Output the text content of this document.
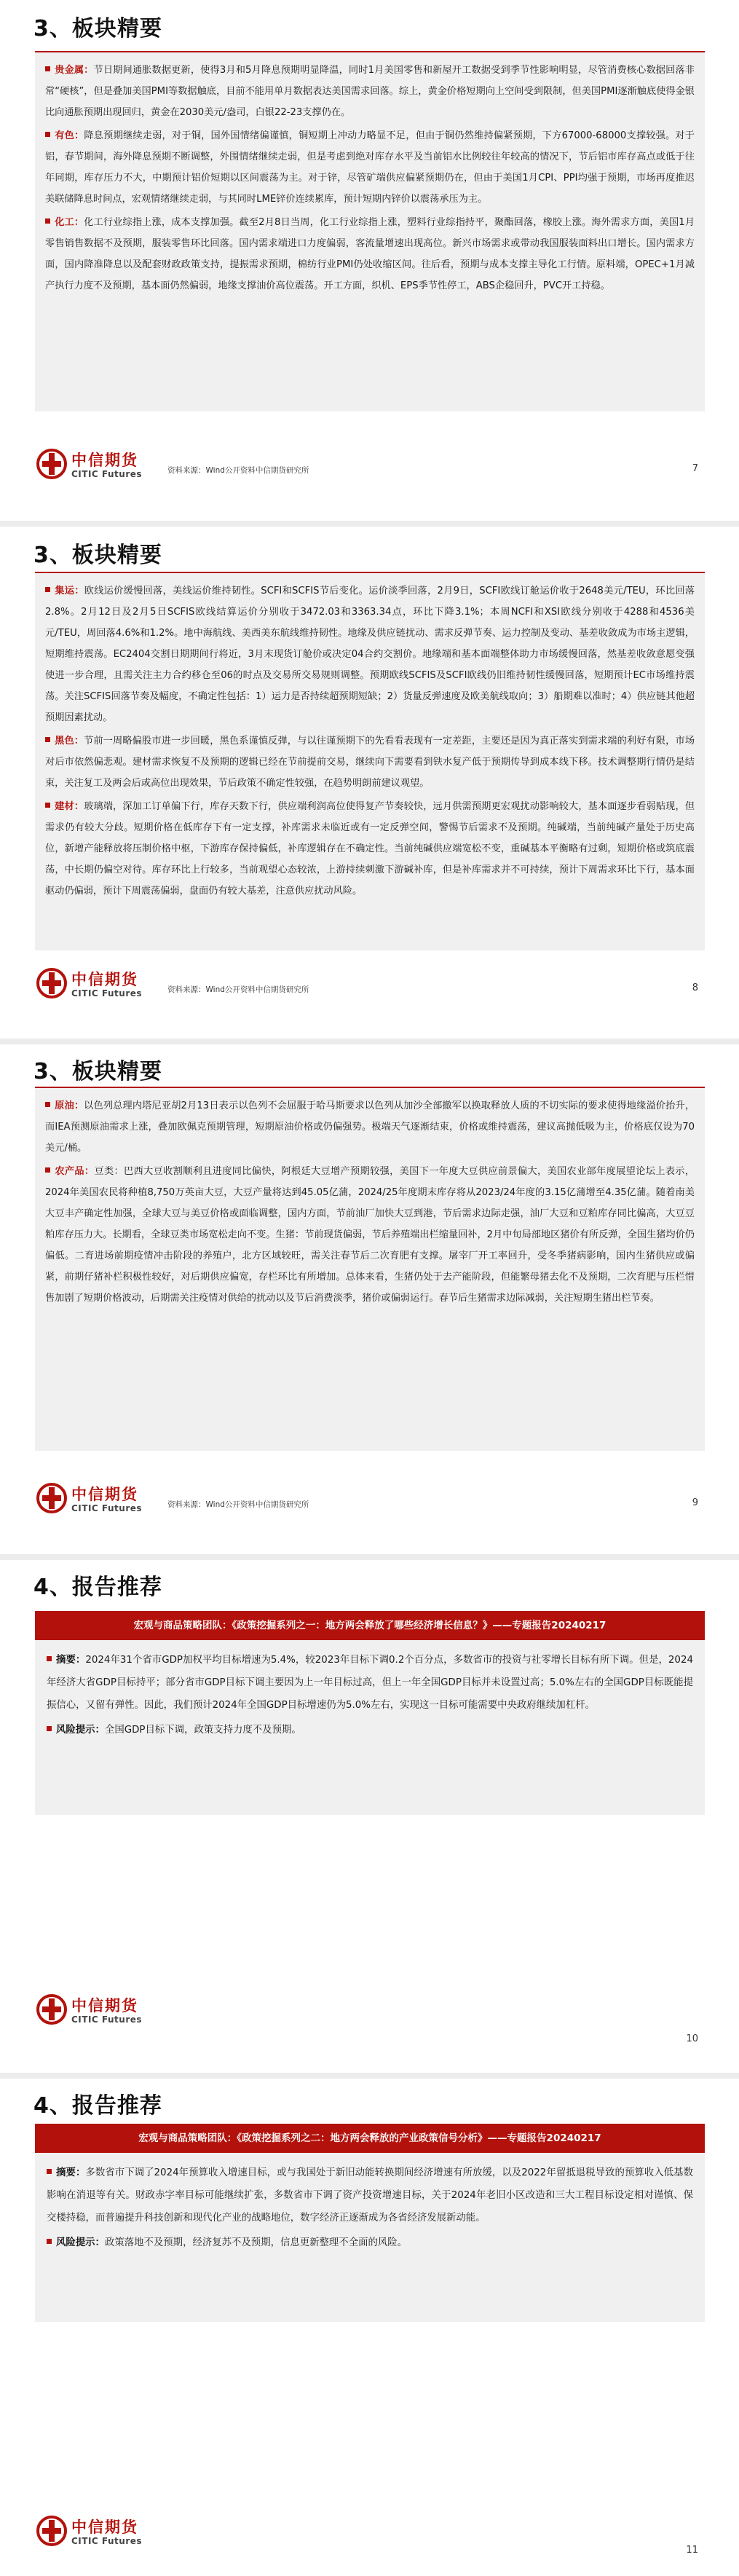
3、板块精要

贵金属：节日期间通胀数据更新，使得3月和5月降息预期明显降温，同时1月美国零售和新屋开工数据受到季节性影响明显，尽管消费核心数据回落非常“硬核”，但是叠加美国PMI等数据触底，目前不能用单月数据表达美国需求回落。综上，黄金价格短期向上空间受到限制，但美国PMI逐渐触底使得金银比向通胀预期出现回归，黄金在2030美元/盎司，白银22-23支撑仍在。

有色：降息预期继续走弱，对于铜，国外国情绪偏谨慎，铜短期上冲动力略显不足，但由于铜仍然维持偏紧预期，下方67000-68000支撑较强。对于铝，春节期间，海外降息预期不断调整，外围情绪继续走弱，但是考虑到绝对库存水平及当前铝水比例较往年较高的情况下，节后铝市库存高点或低于往年同期，库存压力不大，中期预计铝价短期以区间震荡为主。对于锌，尽管矿端供应偏紧预期仍在，但由于美国1月CPI、PPI均强于预期，市场再度推迟美联储降息时间点，宏观情绪继续走弱，与其同时LME锌价连续累库，预计短期内锌价以震荡承压为主。

化工：化工行业综指上涨，成本支撑加强。截至2月8日当周，化工行业综指上涨，塑料行业综指持平，聚酯回落，橡胶上涨。海外需求方面，美国1月零售销售数据不及预期，服装零售环比回落。国内需求端进口力度偏弱，客流量增速出现高位。新兴市场需求或带动我国服装面料出口增长。国内需求方面，国内降准降息以及配套财政政策支持，提振需求预期，棉纺行业PMI仍处收缩区间。往后看，预期与成本支撑主导化工行情。原料端，OPEC+1月减产执行力度不及预期，基本面仍然偏弱，地缘支撑油价高位震荡。开工方面，织机、EPS季节性停工，ABS企稳回升，PVC开工持稳。

中信期货
CITIC Futures	资料来源：Wind公开资料中信期货研究所	7
3、板块精要

集运：欧线运价缓慢回落，美线运价维持韧性。SCFI和SCFIS节后变化。运价淡季回落，2月9日，SCFI欧线订舱运价收于2648美元/TEU，环比回落2.8%。2月12日及2月5日SCFIS欧线结算运价分别收于3472.03和3363.34点，环比下降3.1%；本周NCFI和XSI欧线分别收于4288和4536美元/TEU，周回落4.6%和1.2%。地中海航线、美西美东航线维持韧性。地缘及供应链扰动、需求反弹节奏、运力控制及变动、基差收敛成为市场主逻辑，短期维持震荡。EC2404交割日期期间行将近，3月末现货订舱价或决定04合约交割价。地缘端和基本面端整体助力市场缓慢回落，然基差收敛意愿变强使进一步合理，且需关注主力合约移仓至06的时点及交易所交易规则调整。预期欧线SCFIS及SCFI欧线仍旧维持韧性缓慢回落，短期预计EC市场维持震荡。关注SCFIS回落节奏及幅度，不确定性包括：1）运力是否持续超预期短缺；2）货量反弹速度及欧美航线取向；3）船期难以准时；4）供应链其他超预期因素扰动。

黑色：节前一周略偏股市进一步回暖，黑色系谨慎反弹，与以往谨预期下的先看看表现有一定差距，主要还是因为真正落实到需求端的利好有限，市场对后市依然偏悲观。建材需求恢复不及预期的逻辑已经在节前提前交易，继续向下需要看到铁水复产低于预期传导到成本线下移。技术调整期行情仍是结束，关注复工及两会后或高位出现效果，节后政策不确定性较强，在趋势明朗前建议观望。

建材：玻璃端，深加工订单偏下行，库存天数下行，供应端利润高位使得复产节奏较快，远月供需预期更宏观扰动影响较大，基本面逐步看弱贴现，但需求仍有较大分歧。短期价格在低库存下有一定支撑，补库需求未临近或有一定反弹空间，警惕节后需求不及预期。纯碱端，当前纯碱产量处于历史高位，新增产能释放将压制价格中枢，下游库存保持偏低，补库逻辑存在不确定性。当前纯碱供应端宽松不变，重碱基本平衡略有过剩，短期价格或筑底震荡，中长期仍偏空对待。库存环比上行较多，当前观望心态较浓，上游持续刺激下游碱补库，但是补库需求并不可持续，预计下周需求环比下行，基本面驱动仍偏弱，预计下周震荡偏弱，盘面仍有较大基差，注意供应扰动风险。

中信期货
CITIC Futures	资料来源：Wind公开资料中信期货研究所	8
3、板块精要

原油：以色列总理内塔尼亚胡2月13日表示以色列不会屈服于哈马斯要求以色列从加沙全部撤军以换取释放人质的不切实际的要求使得地缘溢价抬升，而IEA预测原油需求上涨，叠加欧佩克预期管理，短期原油价格或仍偏强势。极端天气逐渐结束，价格或维持震荡，建议高抛低吸为主，价格底仅设为70美元/桶。

农产品：豆类：巴西大豆收割顺利且进度同比偏快，阿根廷大豆增产预期较强，美国下一年度大豆供应前景偏大，美国农业部年度展望论坛上表示，2024年美国农民将种植8,750万英亩大豆，大豆产量将达到45.05亿蒲，2024/25年度期末库存将从2023/24年度的3.15亿蒲增至4.35亿蒲。随着南美大豆丰产确定性加强，全球大豆与美豆价格或面临调整，国内方面，节前油厂加快大豆到港，节后需求边际走强，油厂大豆和豆粕库存同比偏高，大豆豆粕库存压力大。长期看，全球豆类市场宽松走向不变。生猪：节前现货偏弱，节后养殖端出栏缩量回补，2月中旬局部地区猪价有所反弹，全国生猪均价仍偏低。二育进场前期疫情冲击阶段的养殖户，北方区域较旺，需关注春节后二次育肥有支撑。屠宰厂开工率回升，受冬季猪病影响，国内生猪供应或偏紧，前期仔猪补栏积极性较好，对后期供应偏宽，存栏环比有所增加。总体来看，生猪仍处于去产能阶段，但能繁母猪去化不及预期，二次育肥与压栏惜售加剧了短期价格波动，后期需关注疫情对供给的扰动以及节后消费淡季，猪价或偏弱运行。春节后生猪需求边际减弱，关注短期生猪出栏节奏。

中信期货
CITIC Futures	资料来源：Wind公开资料中信期货研究所	9
4、报告推荐
宏观与商品策略团队：《政策挖掘系列之一：地方两会释放了哪些经济增长信息？》——专题报告20240217

摘要：2024年31个省市GDP加权平均目标增速为5.4%，较2023年目标下调0.2个百分点，多数省市的投资与社零增长目标有所下调。但是，2024年经济大省GDP目标持平；部分省市GDP目标下调主要因为上一年目标过高，但上一年全国GDP目标并未设置过高；5.0%左右的全国GDP目标既能提振信心，又留有弹性。因此，我们预计2024年全国GDP目标增速仍为5.0%左右，实现这一目标可能需要中央政府继续加杠杆。

风险提示：全国GDP目标下调，政策支持力度不及预期。

中信期货
CITIC Futures
10
4、报告推荐
宏观与商品策略团队：《政策挖掘系列之二：地方两会释放的产业政策信号分析》——专题报告20240217

摘要：多数省市下调了2024年预算收入增速目标，或与我国处于新旧动能转换期间经济增速有所放缓，以及2022年留抵退税导致的预算收入低基数影响在消退等有关。财政赤字率目标可能继续扩张，多数省市下调了资产投资增速目标，关于2024年老旧小区改造和三大工程目标设定相对谨慎、保交楼持稳，而普遍提升科技创新和现代化产业的战略地位，数字经济正逐渐成为各省经济发展新动能。

风险提示：政策落地不及预期，经济复苏不及预期，信息更新整理不全面的风险。

中信期货
CITIC Futures
11
